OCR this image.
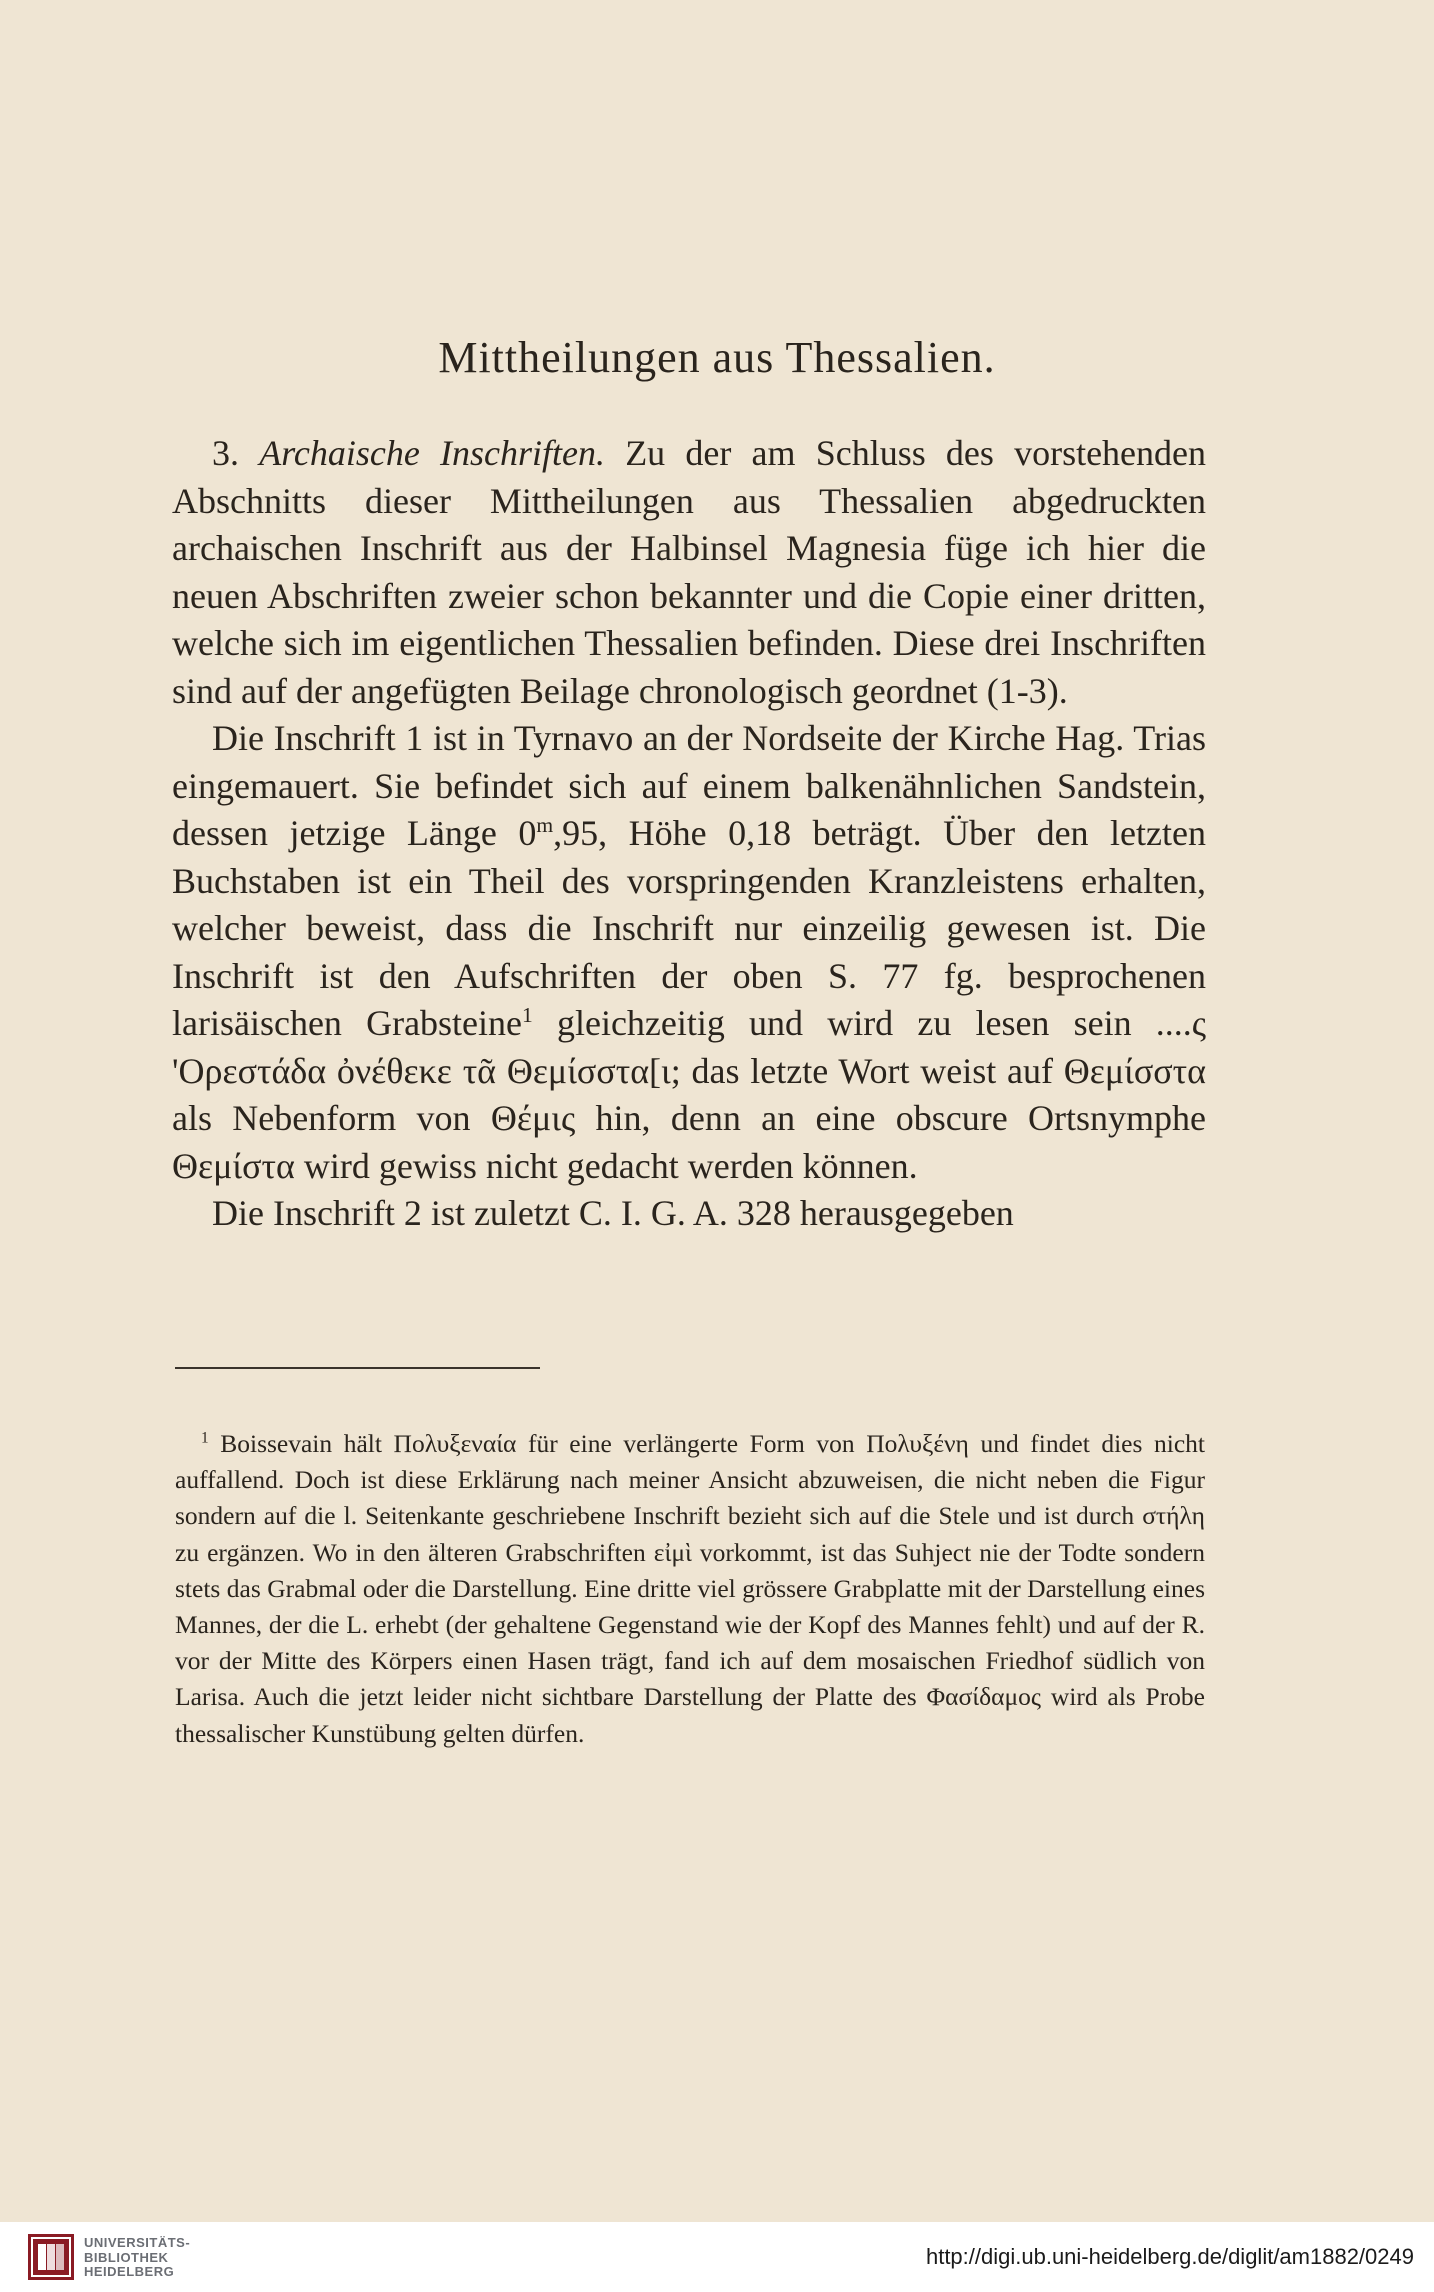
Mittheilungen aus Thessalien.

3. Archaische Inschriften. Zu der am Schluss des vorstehenden Abschnitts dieser Mittheilungen aus Thessalien abgedruckten archaischen Inschrift aus der Halbinsel Magnesia füge ich hier die neuen Abschriften zweier schon bekannter und die Copie einer dritten, welche sich im eigentlichen Thessalien befinden. Diese drei Inschriften sind auf der angefügten Beilage chronologisch geordnet (1-3).

Die Inschrift 1 ist in Tyrnavo an der Nordseite der Kirche Hag. Trias eingemauert. Sie befindet sich auf einem balkenähnlichen Sandstein, dessen jetzige Länge 0$^m$,95, Höhe 0,18 beträgt. Über den letzten Buchstaben ist ein Theil des vorspringenden Kranzleistens erhalten, welcher beweist, dass die Inschrift nur einzeilig gewesen ist. Die Inschrift ist den Aufschriften der oben S. 77 fg. besprochenen larisäischen Grabsteine$^1$ gleichzeitig und wird zu lesen sein ....ς 'Ορεστάδα ὀνέθεκε τᾶ Θεμίσστα[ι; das letzte Wort weist auf Θεμίσστα als Nebenform von Θέμις hin, denn an eine obscure Ortsnymphe Θεμίστα wird gewiss nicht gedacht werden können.

Die Inschrift 2 ist zuletzt C. I. G. A. 328 herausgegeben

$^1$ Boissevain hält Πολυξεναία für eine verlängerte Form von Πολυξένη und findet dies nicht auffallend. Doch ist diese Erklärung nach meiner Ansicht abzuweisen, die nicht neben die Figur sondern auf die l. Seitenkante geschriebene Inschrift bezieht sich auf die Stele und ist durch στήλη zu ergänzen. Wo in den älteren Grabschriften εἰμὶ vorkommt, ist das Suhject nie der Todte sondern stets das Grabmal oder die Darstellung. Eine dritte viel grössere Grabplatte mit der Darstellung eines Mannes, der die L. erhebt (der gehaltene Gegenstand wie der Kopf des Mannes fehlt) und auf der R. vor der Mitte des Körpers einen Hasen trägt, fand ich auf dem mosaischen Friedhof südlich von Larisa. Auch die jetzt leider nicht sichtbare Darstellung der Platte des Φασίδαμος wird als Probe thessalischer Kunstübung gelten dürfen.

UNIVERSITÄTS-
BIBLIOTHEK
HEIDELBERG
http://digi.ub.uni-heidelberg.de/diglit/am1882/0249
